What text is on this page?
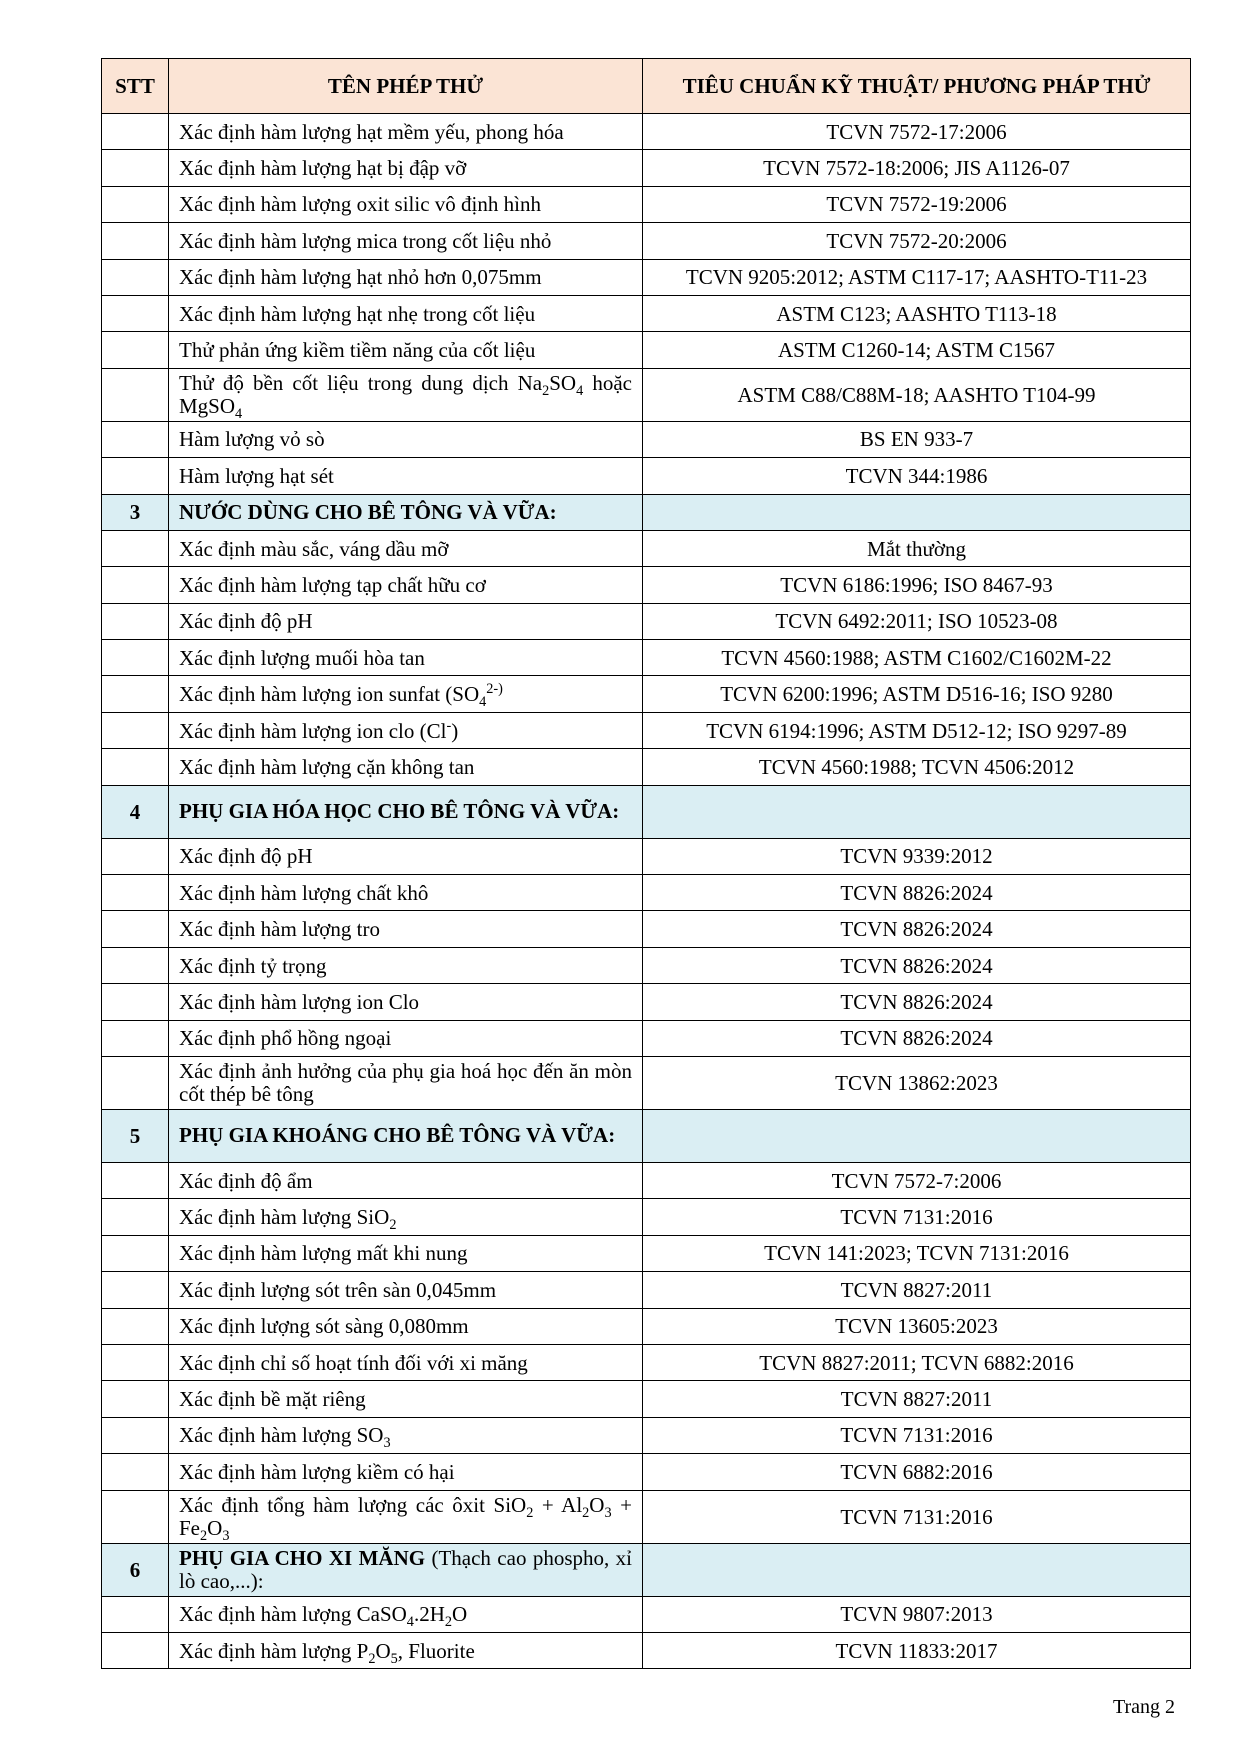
STT	TÊN PHÉP THỬ	TIÊU CHUẨN KỸ THUẬT/ PHƯƠNG PHÁP THỬ
	Xác định hàm lượng hạt mềm yếu, phong hóa	TCVN 7572-17:2006
	Xác định hàm lượng hạt bị đập vỡ	TCVN 7572-18:2006; JIS A1126-07
	Xác định hàm lượng oxit silic vô định hình	TCVN 7572-19:2006
	Xác định hàm lượng mica trong cốt liệu nhỏ	TCVN 7572-20:2006
	Xác định hàm lượng hạt nhỏ hơn 0,075mm	TCVN 9205:2012; ASTM C117-17; AASHTO-T11-23
	Xác định hàm lượng hạt nhẹ trong cốt liệu	ASTM C123; AASHTO T113-18
	Thử phản ứng kiềm tiềm năng của cốt liệu	ASTM C1260-14; ASTM C1567
	Thử độ bền cốt liệu trong dung dịch $Na_2SO_4$ hoặc MgSO$_4$	ASTM C88/C88M-18; AASHTO T104-99
	Hàm lượng vỏ sò	BS EN 933-7
	Hàm lượng hạt sét	TCVN 344:1986
3	NƯỚC DÙNG CHO BÊ TÔNG VÀ VỮA:	
	Xác định màu sắc, váng dầu mỡ	Mắt thường
	Xác định hàm lượng tạp chất hữu cơ	TCVN 6186:1996; ISO 8467-93
	Xác định độ pH	TCVN 6492:2011; ISO 10523-08
	Xác định lượng muối hòa tan	TCVN 4560:1988; ASTM C1602/C1602M-22
	Xác định hàm lượng ion sunfat ($SO_4^{2-)}$	TCVN 6200:1996; ASTM D516-16; ISO 9280
	Xác định hàm lượng ion clo (Cl-)	TCVN 6194:1996; ASTM D512-12; ISO 9297-89
	Xác định hàm lượng cặn không tan	TCVN 4560:1988; TCVN 4506:2012
4	PHỤ GIA HÓA HỌC CHO BÊ TÔNG VÀ VỮA:	
	Xác định độ pH	TCVN 9339:2012
	Xác định hàm lượng chất khô	TCVN 8826:2024
	Xác định hàm lượng tro	TCVN 8826:2024
	Xác định tỷ trọng	TCVN 8826:2024
	Xác định hàm lượng ion Clo	TCVN 8826:2024
	Xác định phổ hồng ngoại	TCVN 8826:2024
	Xác định ảnh hưởng của phụ gia hoá học đến ăn mòn cốt thép bê tông	TCVN 13862:2023
5	PHỤ GIA KHOÁNG CHO BÊ TÔNG VÀ VỮA:	
	Xác định độ ẩm	TCVN 7572-7:2006
	Xác định hàm lượng SiO$_2$	TCVN 7131:2016
	Xác định hàm lượng mất khi nung	TCVN 141:2023; TCVN 7131:2016
	Xác định lượng sót trên sàn 0,045mm	TCVN 8827:2011
	Xác định lượng sót sàng 0,080mm	TCVN 13605:2023
	Xác định chỉ số hoạt tính đối với xi măng	TCVN 8827:2011; TCVN 6882:2016
	Xác định bề mặt riêng	TCVN 8827:2011
	Xác định hàm lượng $SO_3$	TCVN 7131:2016
	Xác định hàm lượng kiềm có hại	TCVN 6882:2016
	Xác định tổng hàm lượng các ôxit $SiO_2 + Al_2O_3 + Fe_2O_3$	TCVN 7131:2016
6	PHỤ GIA CHO XI MĂNG (Thạch cao phospho, xỉ lò cao,...):	
	Xác định hàm lượng $CaSO_4.2H_2O$	TCVN 9807:2013
	Xác định hàm lượng $P_2O_5$, Fluorite	TCVN 11833:2017
Trang 2
